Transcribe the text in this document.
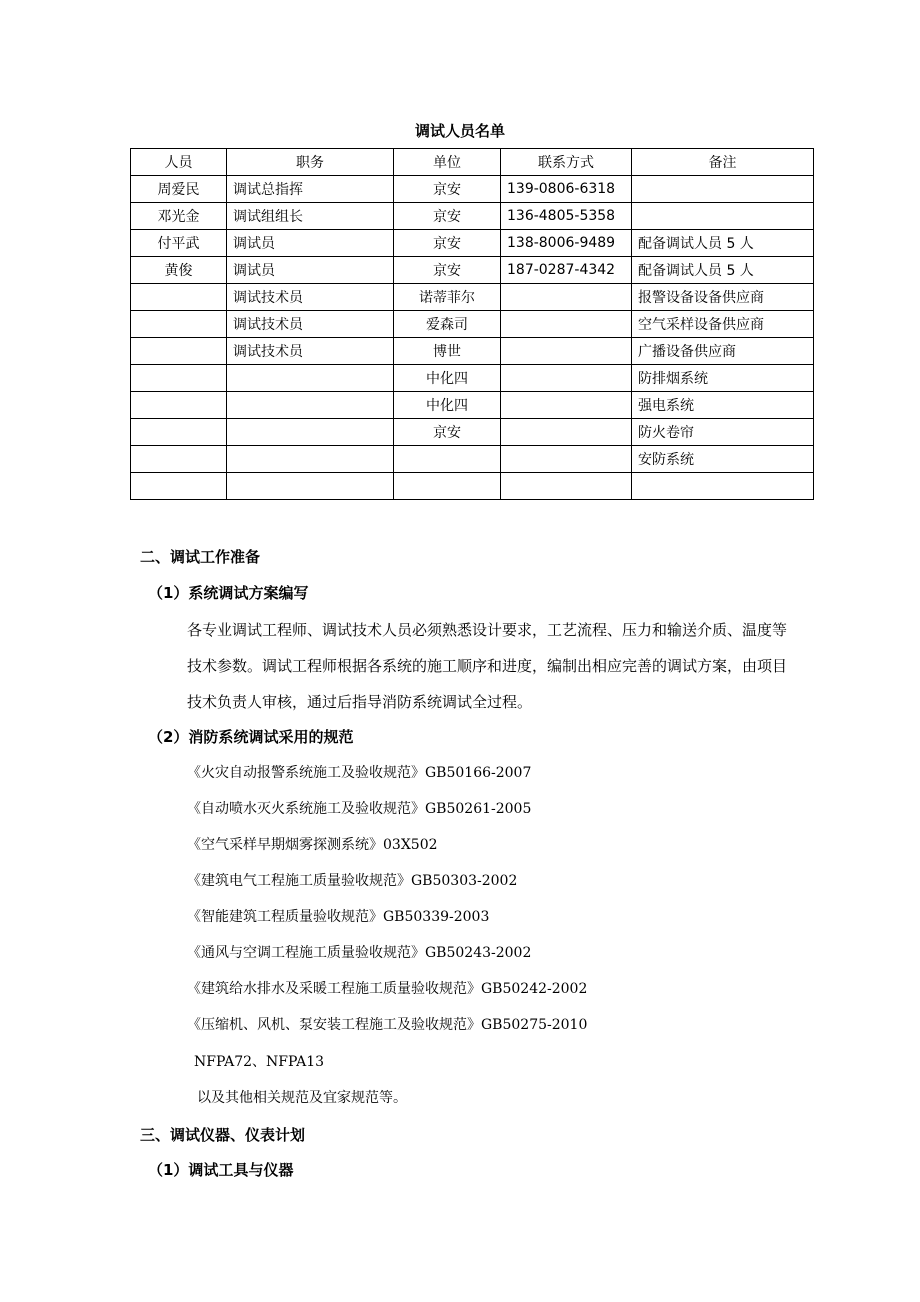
调试人员名单
人员	职务	单位	联系方式	备注
周爱民	调试总指挥	京安	139-0806-6318	
邓光金	调试组组长	京安	136-4805-5358	
付平武	调试员	京安	138-8006-9489	配备调试人员 5 人
黄俊	调试员	京安	187-0287-4342	配备调试人员 5 人
	调试技术员	诺蒂菲尔		报警设备设备供应商
	调试技术员	爱森司		空气采样设备供应商
	调试技术员	博世		广播设备供应商
		中化四		防排烟系统
		中化四		强电系统
		京安		防火卷帘
				安防系统

二、调试工作准备
（1）系统调试方案编写

各专业调试工程师、调试技术人员必须熟悉设计要求，工艺流程、压力和输送介质、温度等技术参数。调试工程师根据各系统的施工顺序和进度，编制出相应完善的调试方案，由项目技术负责人审核，通过后指导消防系统调试全过程。

（2）消防系统调试采用的规范
《火灾自动报警系统施工及验收规范》GB50166-2007
《自动喷水灭火系统施工及验收规范》GB50261-2005
《空气采样早期烟雾探测系统》03X502
《建筑电气工程施工质量验收规范》GB50303-2002
《智能建筑工程质量验收规范》GB50339-2003
《通风与空调工程施工质量验收规范》GB50243-2002
《建筑给水排水及采暖工程施工质量验收规范》GB50242-2002
《压缩机、风机、泵安装工程施工及验收规范》GB50275-2010
NFPA72、NFPA13
以及其他相关规范及宜家规范等。
三、调试仪器、仪表计划
（1）调试工具与仪器
